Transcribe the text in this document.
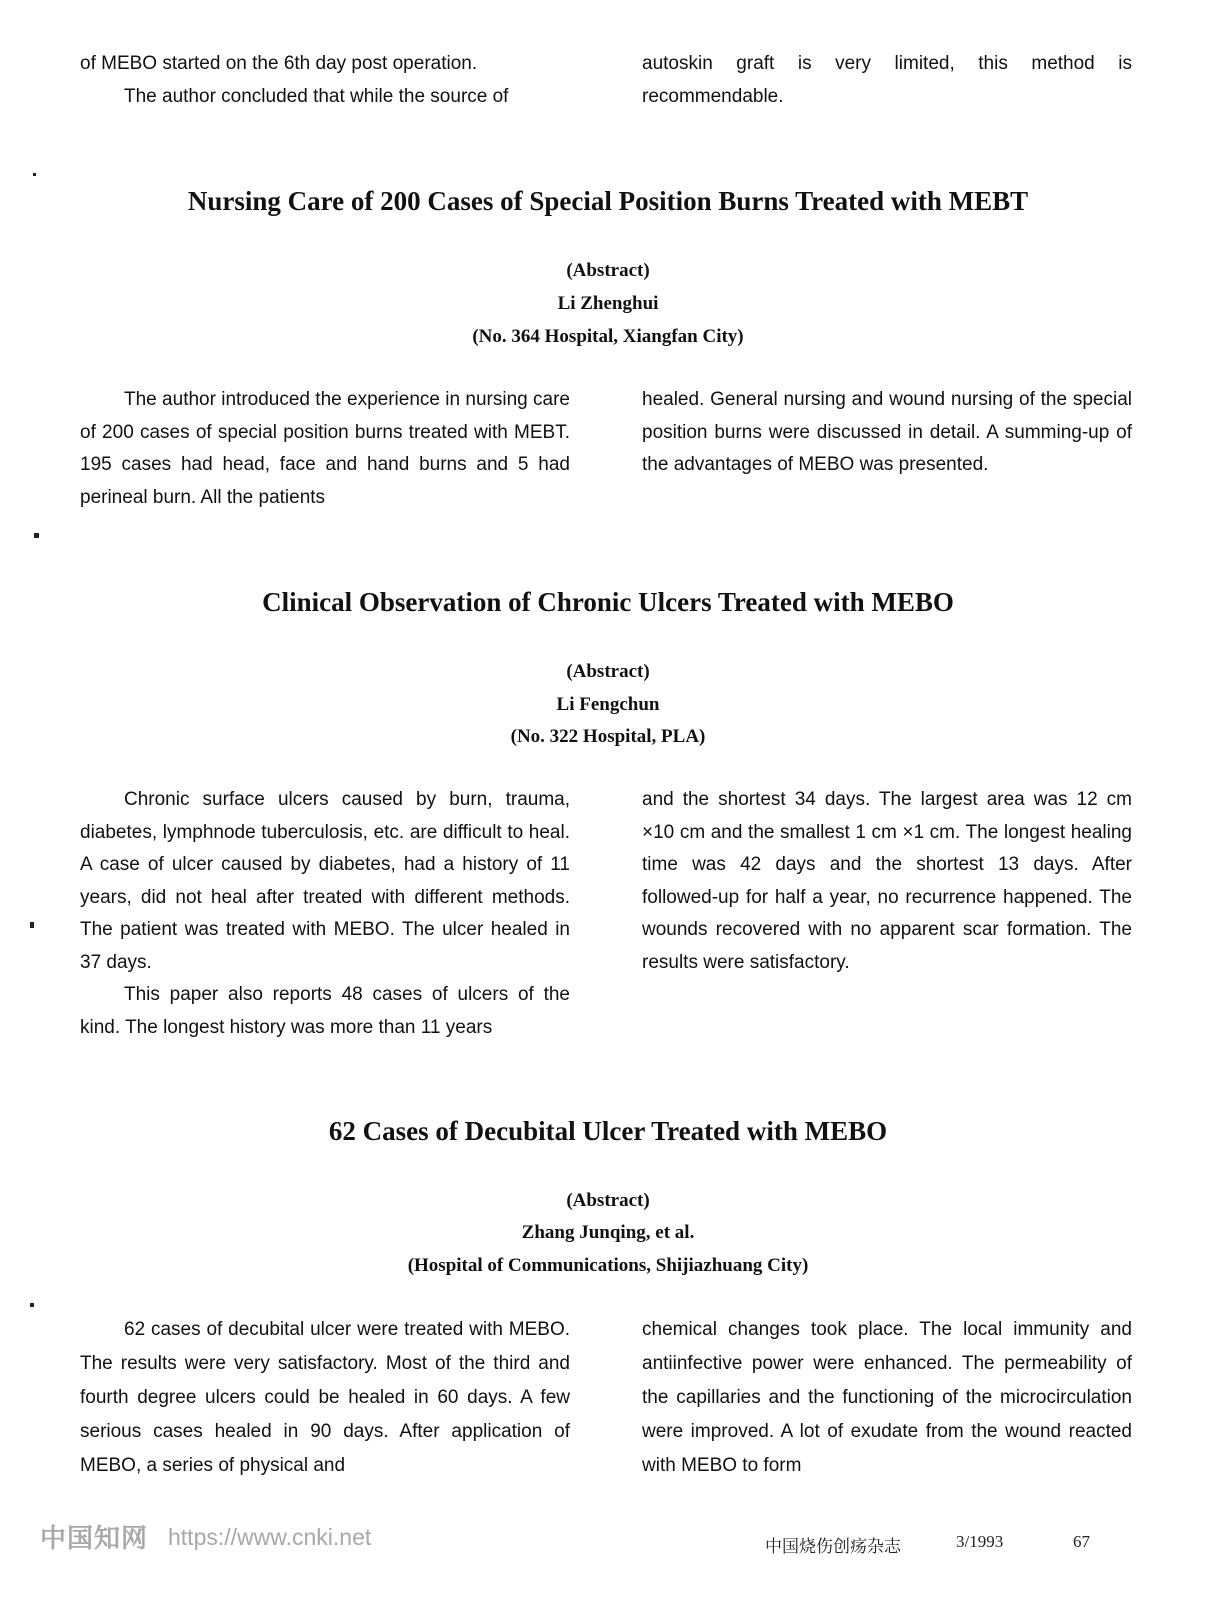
of MEBO started on the 6th day post operation.

The author concluded that while the source of

autoskin graft is very limited, this method is recommendable.

Nursing Care of 200 Cases of Special Position Burns Treated with MEBT
(Abstract)
Li Zhenghui
(No. 364 Hospital, Xiangfan City)

The author introduced the experience in nursing care of 200 cases of special position burns treated with MEBT. 195 cases had head, face and hand burns and 5 had perineal burn. All the patients

healed. General nursing and wound nursing of the special position burns were discussed in detail. A summing-up of the advantages of MEBO was presented.

Clinical Observation of Chronic Ulcers Treated with MEBO
(Abstract)
Li Fengchun
(No. 322 Hospital, PLA)

Chronic surface ulcers caused by burn, trauma, diabetes, lymphnode tuberculosis, etc. are difficult to heal. A case of ulcer caused by diabetes, had a history of 11 years, did not heal after treated with different methods. The patient was treated with MEBO. The ulcer healed in 37 days.

This paper also reports 48 cases of ulcers of the kind. The longest history was more than 11 years

and the shortest 34 days. The largest area was 12 cm ×10 cm and the smallest 1 cm ×1 cm. The longest healing time was 42 days and the shortest 13 days. After followed-up for half a year, no recurrence happened. The wounds recovered with no apparent scar formation. The results were satisfactory.

62 Cases of Decubital Ulcer Treated with MEBO
(Abstract)
Zhang Junqing, et al.
(Hospital of Communications, Shijiazhuang City)

62 cases of decubital ulcer were treated with MEBO. The results were very satisfactory. Most of the third and fourth degree ulcers could be healed in 60 days. A few serious cases healed in 90 days. After application of MEBO, a series of physical and

chemical changes took place. The local immunity and antiinfective power were enhanced. The permeability of the capillaries and the functioning of the microcirculation were improved. A lot of exudate from the wound reacted with MEBO to form

中国知网 https://www.cnki.net	中国烧伤创疡杂志	3/1993	67
